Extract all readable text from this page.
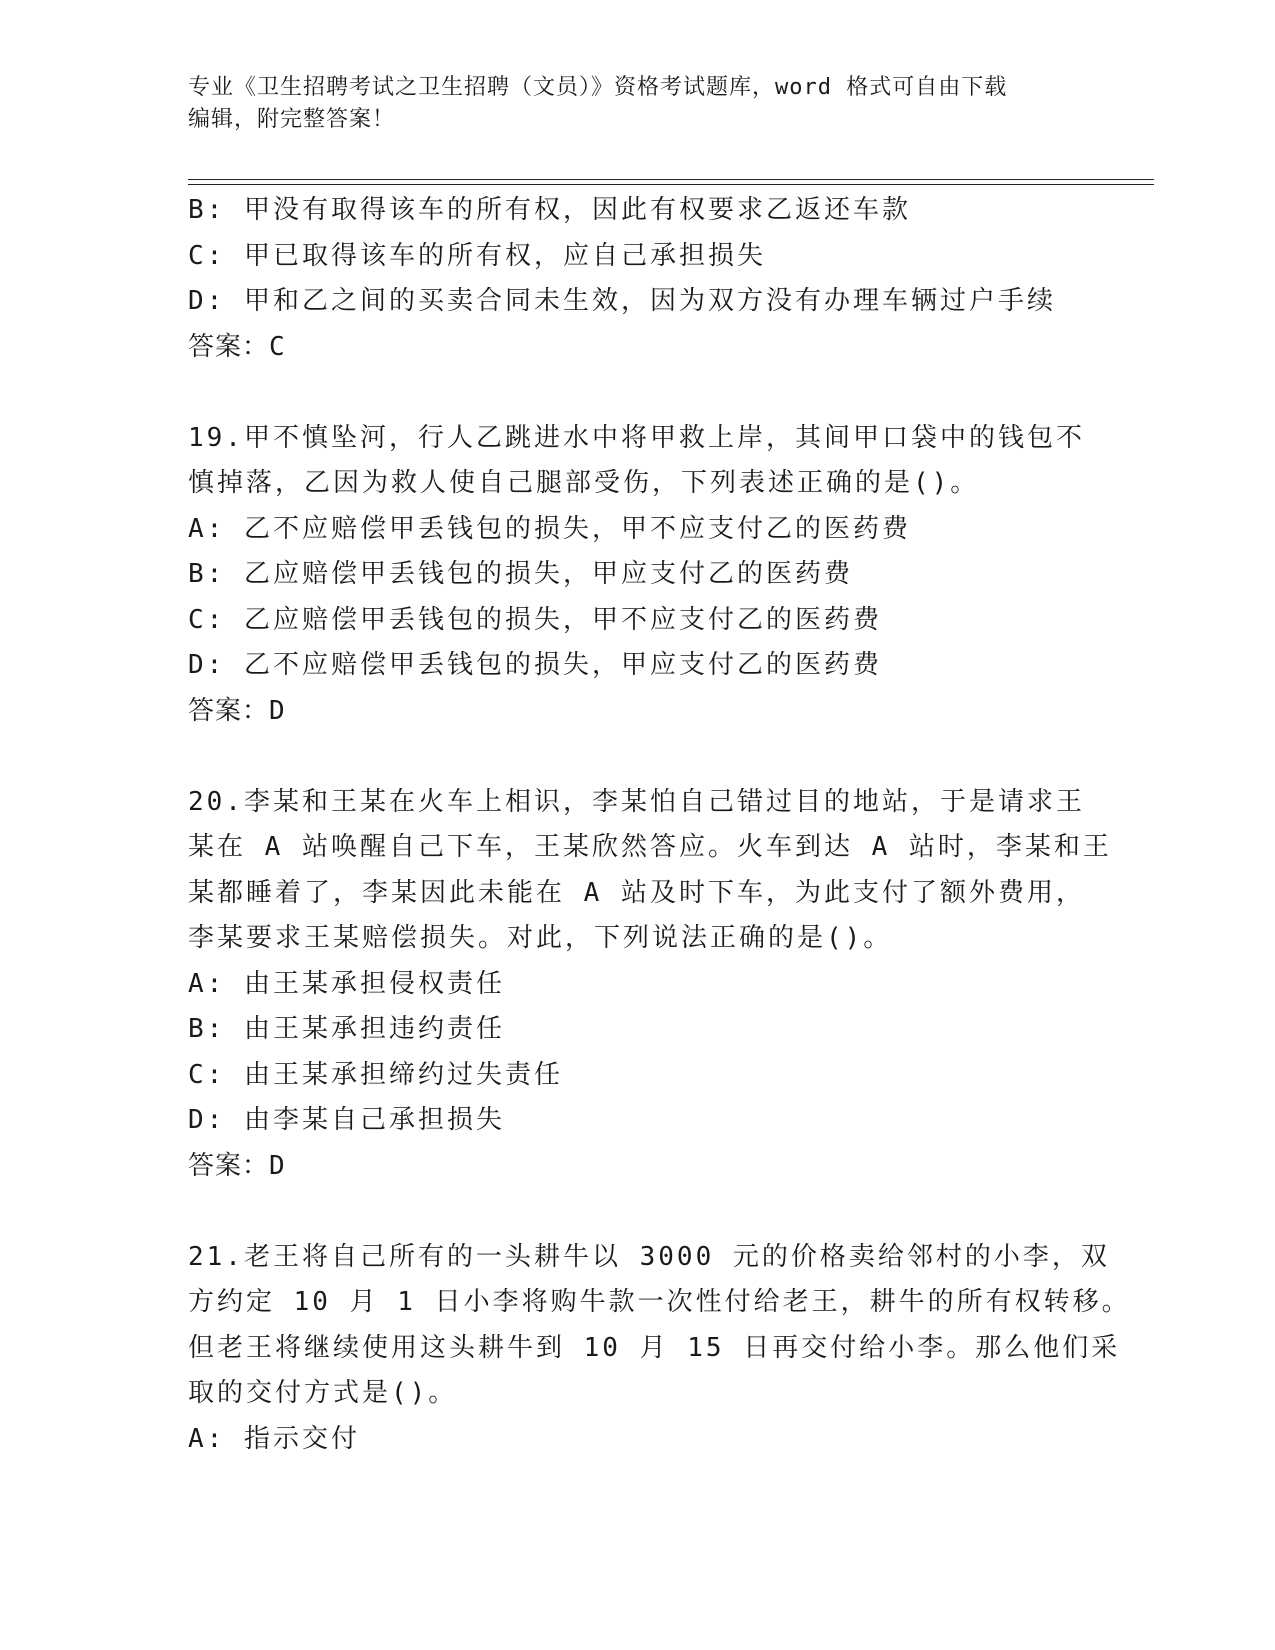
专业《卫生招聘考试之卫生招聘（文员）》资格考试题库，word 格式可自由下载
编辑，附完整答案！
B: 甲没有取得该车的所有权，因此有权要求乙返还车款
C: 甲已取得该车的所有权，应自己承担损失
D: 甲和乙之间的买卖合同未生效，因为双方没有办理车辆过户手续
答案：C
19.甲不慎坠河，行人乙跳进水中将甲救上岸，其间甲口袋中的钱包不
慎掉落，乙因为救人使自己腿部受伤，下列表述正确的是()。
A: 乙不应赔偿甲丢钱包的损失，甲不应支付乙的医药费
B: 乙应赔偿甲丢钱包的损失，甲应支付乙的医药费
C: 乙应赔偿甲丢钱包的损失，甲不应支付乙的医药费
D: 乙不应赔偿甲丢钱包的损失，甲应支付乙的医药费
答案：D
20.李某和王某在火车上相识，李某怕自己错过目的地站，于是请求王
某在 A 站唤醒自己下车，王某欣然答应。火车到达 A 站时，李某和王
某都睡着了，李某因此未能在 A 站及时下车，为此支付了额外费用，
李某要求王某赔偿损失。对此，下列说法正确的是()。
A: 由王某承担侵权责任
B: 由王某承担违约责任
C: 由王某承担缔约过失责任
D: 由李某自己承担损失
答案：D
21.老王将自己所有的一头耕牛以 3000 元的价格卖给邻村的小李，双
方约定 10 月 1 日小李将购牛款一次性付给老王，耕牛的所有权转移。
但老王将继续使用这头耕牛到 10 月 15 日再交付给小李。那么他们采
取的交付方式是()。
A: 指示交付
